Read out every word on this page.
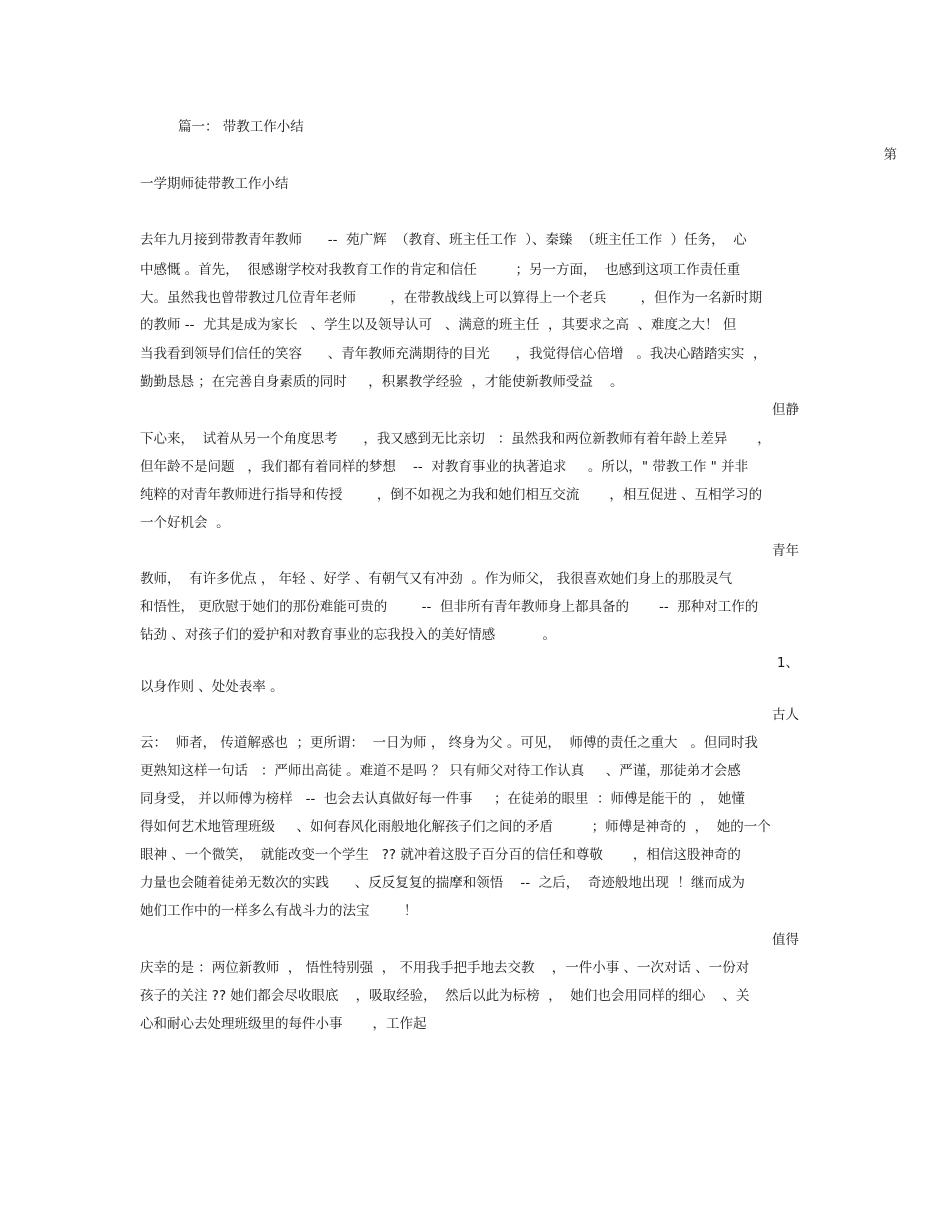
篇一： 带教工作小结
第
一学期师徒带教工作小结
去年九月接到带教青年教师      --  苑广辉  （教育、班主任工作  ）、秦臻  （班主任工作  ）任务，  心
中感慨 。首先，  很感谢学校对我教育工作的肯定和信任         ；另一方面，  也感到这项工作责任重
大。虽然我也曾带教过几位青年老师        ，在带教战线上可以算得上一个老兵        ，但作为一名新时期
的教师 --  尤其是成为家长   、学生以及领导认可   、满意的班主任  ，其要求之高  、难度之大！ 但
当我看到领导们信任的笑容      、青年教师充满期待的目光      ，我觉得信心倍增   。我决心踏踏实实  ，
勤勤恳恳 ；在完善自身素质的同时     ，积累教学经验  ，才能使新教师受益    。
但静
下心来，  试着从另一个角度思考      ，我又感到无比亲切   ：虽然我和两位新教师有着年龄上差异       ，
但年龄不是问题   ，我们都有着同样的梦想    --  对教育事业的执著追求     。所以，" 带教工作 " 并非
纯粹的对青年教师进行指导和传授        ，倒不如视之为我和她们相互交流       ，相互促进 、互相学习的
一个好机会  。
青年
教师，  有许多优点 ， 年轻 、好学 、有朝气又有冲劲  。作为师父， 我很喜欢她们身上的那股灵气
和悟性， 更欣慰于她们的那份难能可贵的        --  但非所有青年教师身上都具备的       --  那种对工作的
钻劲 、对孩子们的爱护和对教育事业的忘我投入的美好情感           。
1、
以身作则 、处处表率 。
古人
云：  师者， 传道解惑也  ；更所谓：  一日为师 ， 终身为父 。可见，  师傅的责任之重大   。但同时我
更熟知这样一句话   ：严师出高徒 。难道不是吗 ？ 只有师父对待工作认真     、严谨，那徒弟才会感
同身受， 并以师傅为榜样   --  也会去认真做好每一件事     ；在徒弟的眼里  ：师傅是能干的  ， 她懂
得如何艺术地管理班级     、如何春风化雨般地化解孩子们之间的矛盾         ；师傅是神奇的  ，  她的一个
眼神 、一个微笑，  就能改变一个学生   ?? 就冲着这股子百分百的信任和尊敬       ，相信这股神奇的
力量也会随着徒弟无数次的实践      、反反复复的揣摩和领悟    --  之后，  奇迹般地出现  ！继而成为
她们工作中的一样多么有战斗力的法宝        ！
值得
庆幸的是 ：两位新教师  ， 悟性特别强  ， 不用我手把手地去交教    ，一件小事 、一次对话 、一份对
孩子的关注 ?? 她们都会尽收眼底    ，吸取经验，  然后以此为标榜  ，  她们也会用同样的细心    、关
心和耐心去处理班级里的每件小事       ，工作起
